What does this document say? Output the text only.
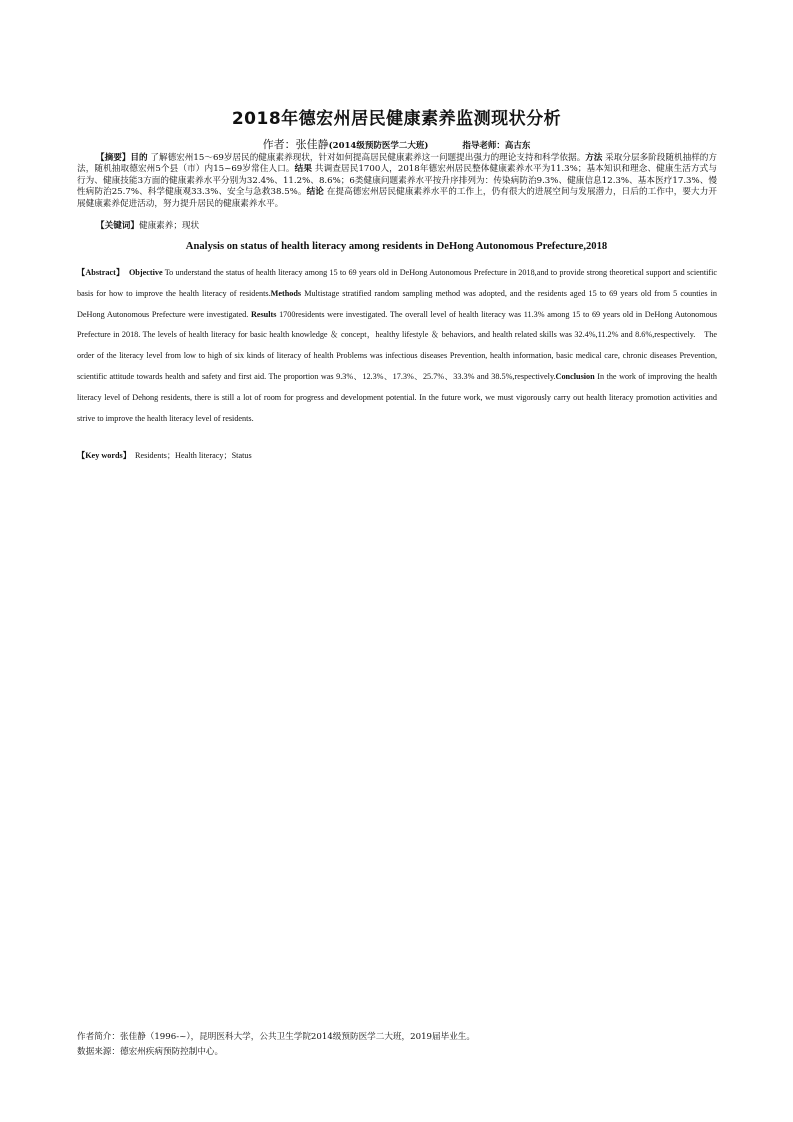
2018年德宏州居民健康素养监测现状分析
作者：张佳静(2014级预防医学二大班)	指导老师：高古东
【摘要】目的 了解德宏州15～69岁居民的健康素养现状，针对如何提高居民健康素养这一问题提出强力的理论支持和科学依据。方法 采取分层多阶段随机抽样的方法，随机抽取德宏州5个县（市）内15~69岁常住人口。结果 共调查居民1700人，2018年德宏州居民整体健康素养水平为11.3%；基本知识和理念、健康生活方式与行为、健康技能3方面的健康素养水平分别为32.4%、11.2%、8.6%；6类健康问题素养水平按升序排列为：传染病防治9.3%、健康信息12.3%、基本医疗17.3%、慢性病防治25.7%、科学健康观33.3%、安全与急救38.5%。结论 在提高德宏州居民健康素养水平的工作上，仍有很大的进展空间与发展潜力，日后的工作中，要大力开展健康素养促进活动，努力提升居民的健康素养水平。
【关键词】健康素养；现状
Analysis on status of health literacy among residents in DeHong Autonomous Prefecture,2018
【Abstract】 Objective To understand the status of health literacy among 15 to 69 years old in DeHong Autonomous Prefecture in 2018,and to provide strong theoretical support and scientific basis for how to improve the health literacy of residents.Methods Multistage stratified random sampling method was adopted, and the residents aged 15 to 69 years old from 5 counties in DeHong Autonomous Prefecture were investigated. Results 1700residents were investigated. The overall level of health literacy was 11.3% among 15 to 69 years old in DeHong Autonomous Prefecture in 2018. The levels of health literacy for basic health knowledge ＆ concept，healthy lifestyle ＆ behaviors, and health related skills was 32.4%,11.2% and 8.6%,respectively.　The order of the literacy level from low to high of six kinds of literacy of health Problems was infectious diseases Prevention, health information, basic medical care, chronic diseases Prevention, scientific attitude towards health and safety and first aid. The proportion was 9.3%、12.3%、17.3%、25.7%、33.3% and 38.5%,respectively.Conclusion In the work of improving the health literacy level of Dehong residents, there is still a lot of room for progress and development potential. In the future work, we must vigorously carry out health literacy promotion activities and strive to improve the health literacy level of residents.
【Key words】 Residents；Health literacy；Status
作者简介：张佳静（1996-~），昆明医科大学，公共卫生学院2014级预防医学二大班，2019届毕业生。
数据来源：德宏州疾病预防控制中心。
